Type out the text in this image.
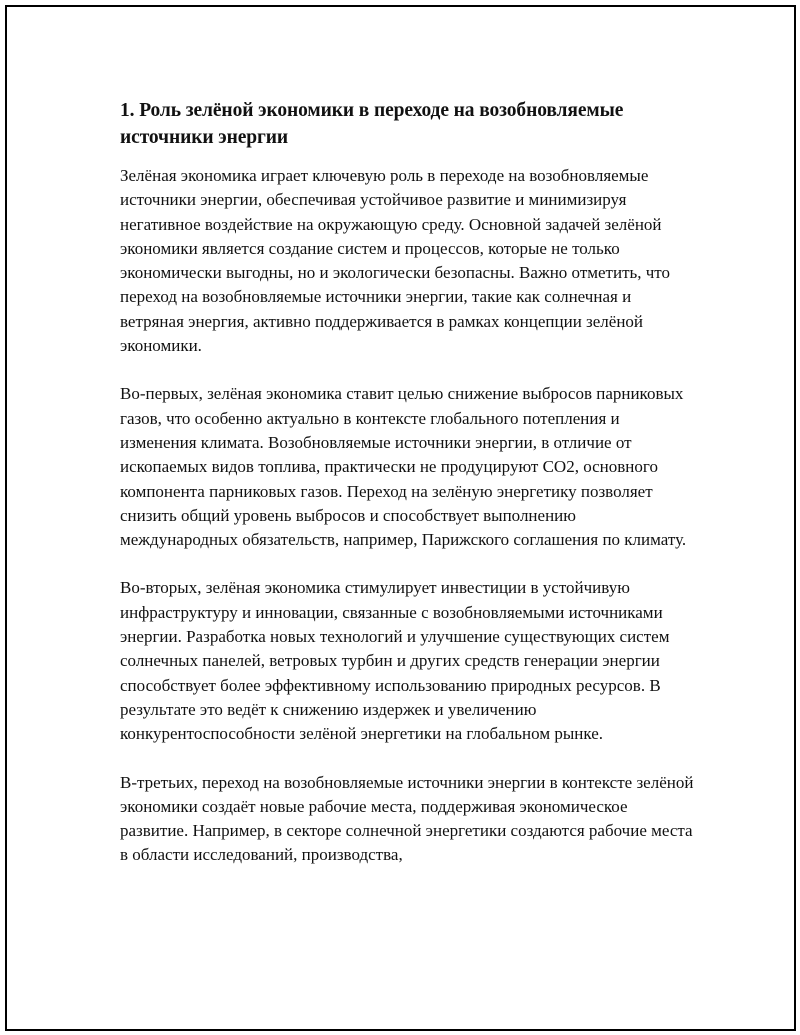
1. Роль зелёной экономики в переходе на возобновляемые источники энергии

Зелёная экономика играет ключевую роль в переходе на возобновляемые источники энергии, обеспечивая устойчивое развитие и минимизируя негативное воздействие на окружающую среду. Основной задачей зелёной экономики является создание систем и процессов, которые не только экономически выгодны, но и экологически безопасны. Важно отметить, что переход на возобновляемые источники энергии, такие как солнечная и ветряная энергия, активно поддерживается в рамках концепции зелёной экономики.

Во-первых, зелёная экономика ставит целью снижение выбросов парниковых газов, что особенно актуально в контексте глобального потепления и изменения климата. Возобновляемые источники энергии, в отличие от ископаемых видов топлива, практически не продуцируют CO2, основного компонента парниковых газов. Переход на зелёную энергетику позволяет снизить общий уровень выбросов и способствует выполнению международных обязательств, например, Парижского соглашения по климату.

Во-вторых, зелёная экономика стимулирует инвестиции в устойчивую инфраструктуру и инновации, связанные с возобновляемыми источниками энергии. Разработка новых технологий и улучшение существующих систем солнечных панелей, ветровых турбин и других средств генерации энергии способствует более эффективному использованию природных ресурсов. В результате это ведёт к снижению издержек и увеличению конкурентоспособности зелёной энергетики на глобальном рынке.

В-третьих, переход на возобновляемые источники энергии в контексте зелёной экономики создаёт новые рабочие места, поддерживая экономическое развитие. Например, в секторе солнечной энергетики создаются рабочие места в области исследований, производства,
